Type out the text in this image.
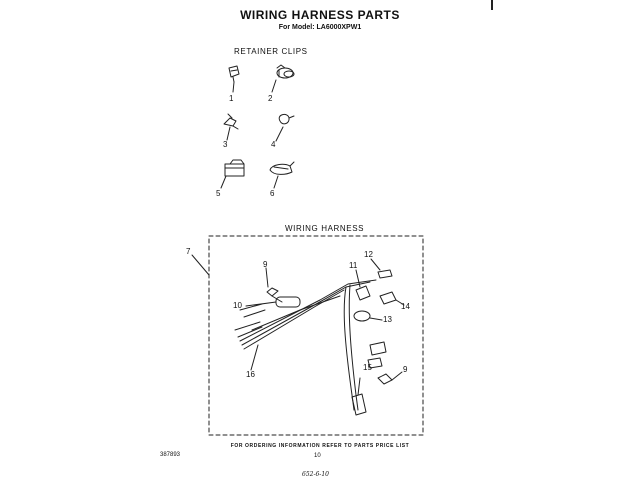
WIRING HARNESS PARTS
For Model: LA6000XPW1
RETAINER CLIPS
WIRING HARNESS
1	2
3	4
5	6
7
9
10
11
12
13
14
15
16
9
FOR ORDERING INFORMATION REFER TO PARTS PRICE LIST
387893	10
652-6-10
